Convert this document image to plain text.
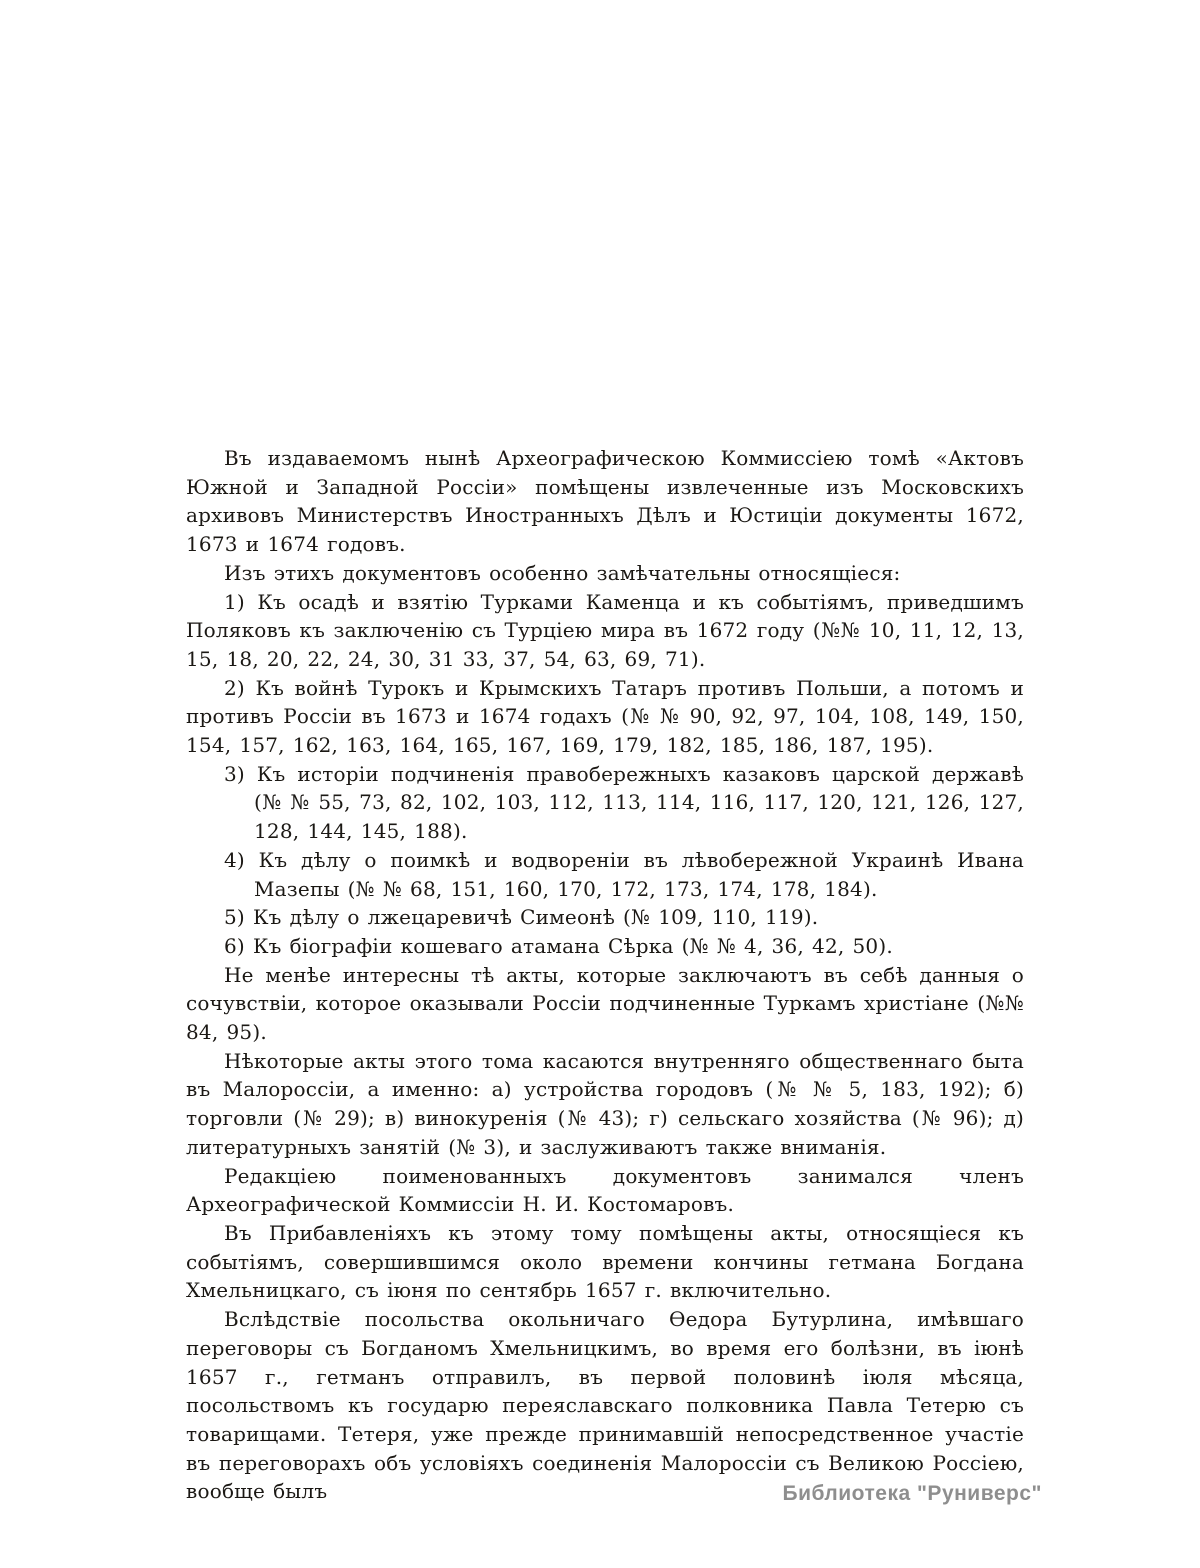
Въ издаваемомъ нынѣ Археографическою Коммиссіею томѣ «Актовъ Южной и Западной Россіи» помѣщены извлеченные изъ Московскихъ архивовъ Министерствъ Иностранныхъ Дѣлъ и Юстиціи документы 1672, 1673 и 1674 годовъ.

Изъ этихъ документовъ особенно замѣчательны относящіеся:

1) Къ осадѣ и взятію Турками Каменца и къ событіямъ, приведшимъ Поляковъ къ заключенію съ Турціею мира въ 1672 году (№№ 10, 11, 12, 13, 15, 18, 20, 22, 24, 30, 31 33, 37, 54, 63, 69, 71).

2) Къ войнѣ Турокъ и Крымскихъ Татаръ противъ Польши, а потомъ и противъ Россіи въ 1673 и 1674 годахъ (№ № 90, 92, 97, 104, 108, 149, 150, 154, 157, 162, 163, 164, 165, 167, 169, 179, 182, 185, 186, 187, 195).

3) Къ исторіи подчиненія правобережныхъ казаковъ царской державѣ (№ № 55, 73, 82, 102, 103, 112, 113, 114, 116, 117, 120, 121, 126, 127, 128, 144, 145, 188).

4) Къ дѣлу о поимкѣ и водвореніи въ лѣвобережной Украинѣ Ивана Мазепы (№ № 68, 151, 160, 170, 172, 173, 174, 178, 184).

5) Къ дѣлу о лжецаревичѣ Симеонѣ (№ 109, 110, 119).

6) Къ біографіи кошеваго атамана Сѣрка (№ № 4, 36, 42, 50).

Не менѣе интересны тѣ акты, которые заключаютъ въ себѣ данныя о сочувствіи, которое оказывали Россіи подчиненные Туркамъ христіане (№№ 84, 95).

Нѣкоторые акты этого тома касаются внутренняго общественнаго быта въ Малороссіи, а именно: а) устройства городовъ (№ № 5, 183, 192); б) торговли (№ 29); в) винокуренія (№ 43); г) сельскаго хозяйства (№ 96); д) литературныхъ занятій (№ 3), и заслуживаютъ также вниманія.

Редакціею поименованныхъ документовъ занимался членъ Археографической Коммиссіи Н. И. Костомаровъ.

Въ Прибавленіяхъ къ этому тому помѣщены акты, относящіеся къ событіямъ, совершившимся около времени кончины гетмана Богдана Хмельницкаго, съ іюня по сентябрь 1657 г. включительно.

Вслѣдствіе посольства окольничаго Ѳедора Бутурлина, имѣвшаго переговоры съ Богданомъ Хмельницкимъ, во время его болѣзни, въ іюнѣ 1657 г., гетманъ отправилъ, въ первой половинѣ іюля мѣсяца, посольствомъ къ государю переяславскаго полковника Павла Тетерю съ товарищами. Тетеря, уже прежде принимавшій непосредственное участіе въ переговорахъ объ условіяхъ соединенія Малороссіи съ Великою Россіею, вообще былъ	Библиотека "Руниверс"
